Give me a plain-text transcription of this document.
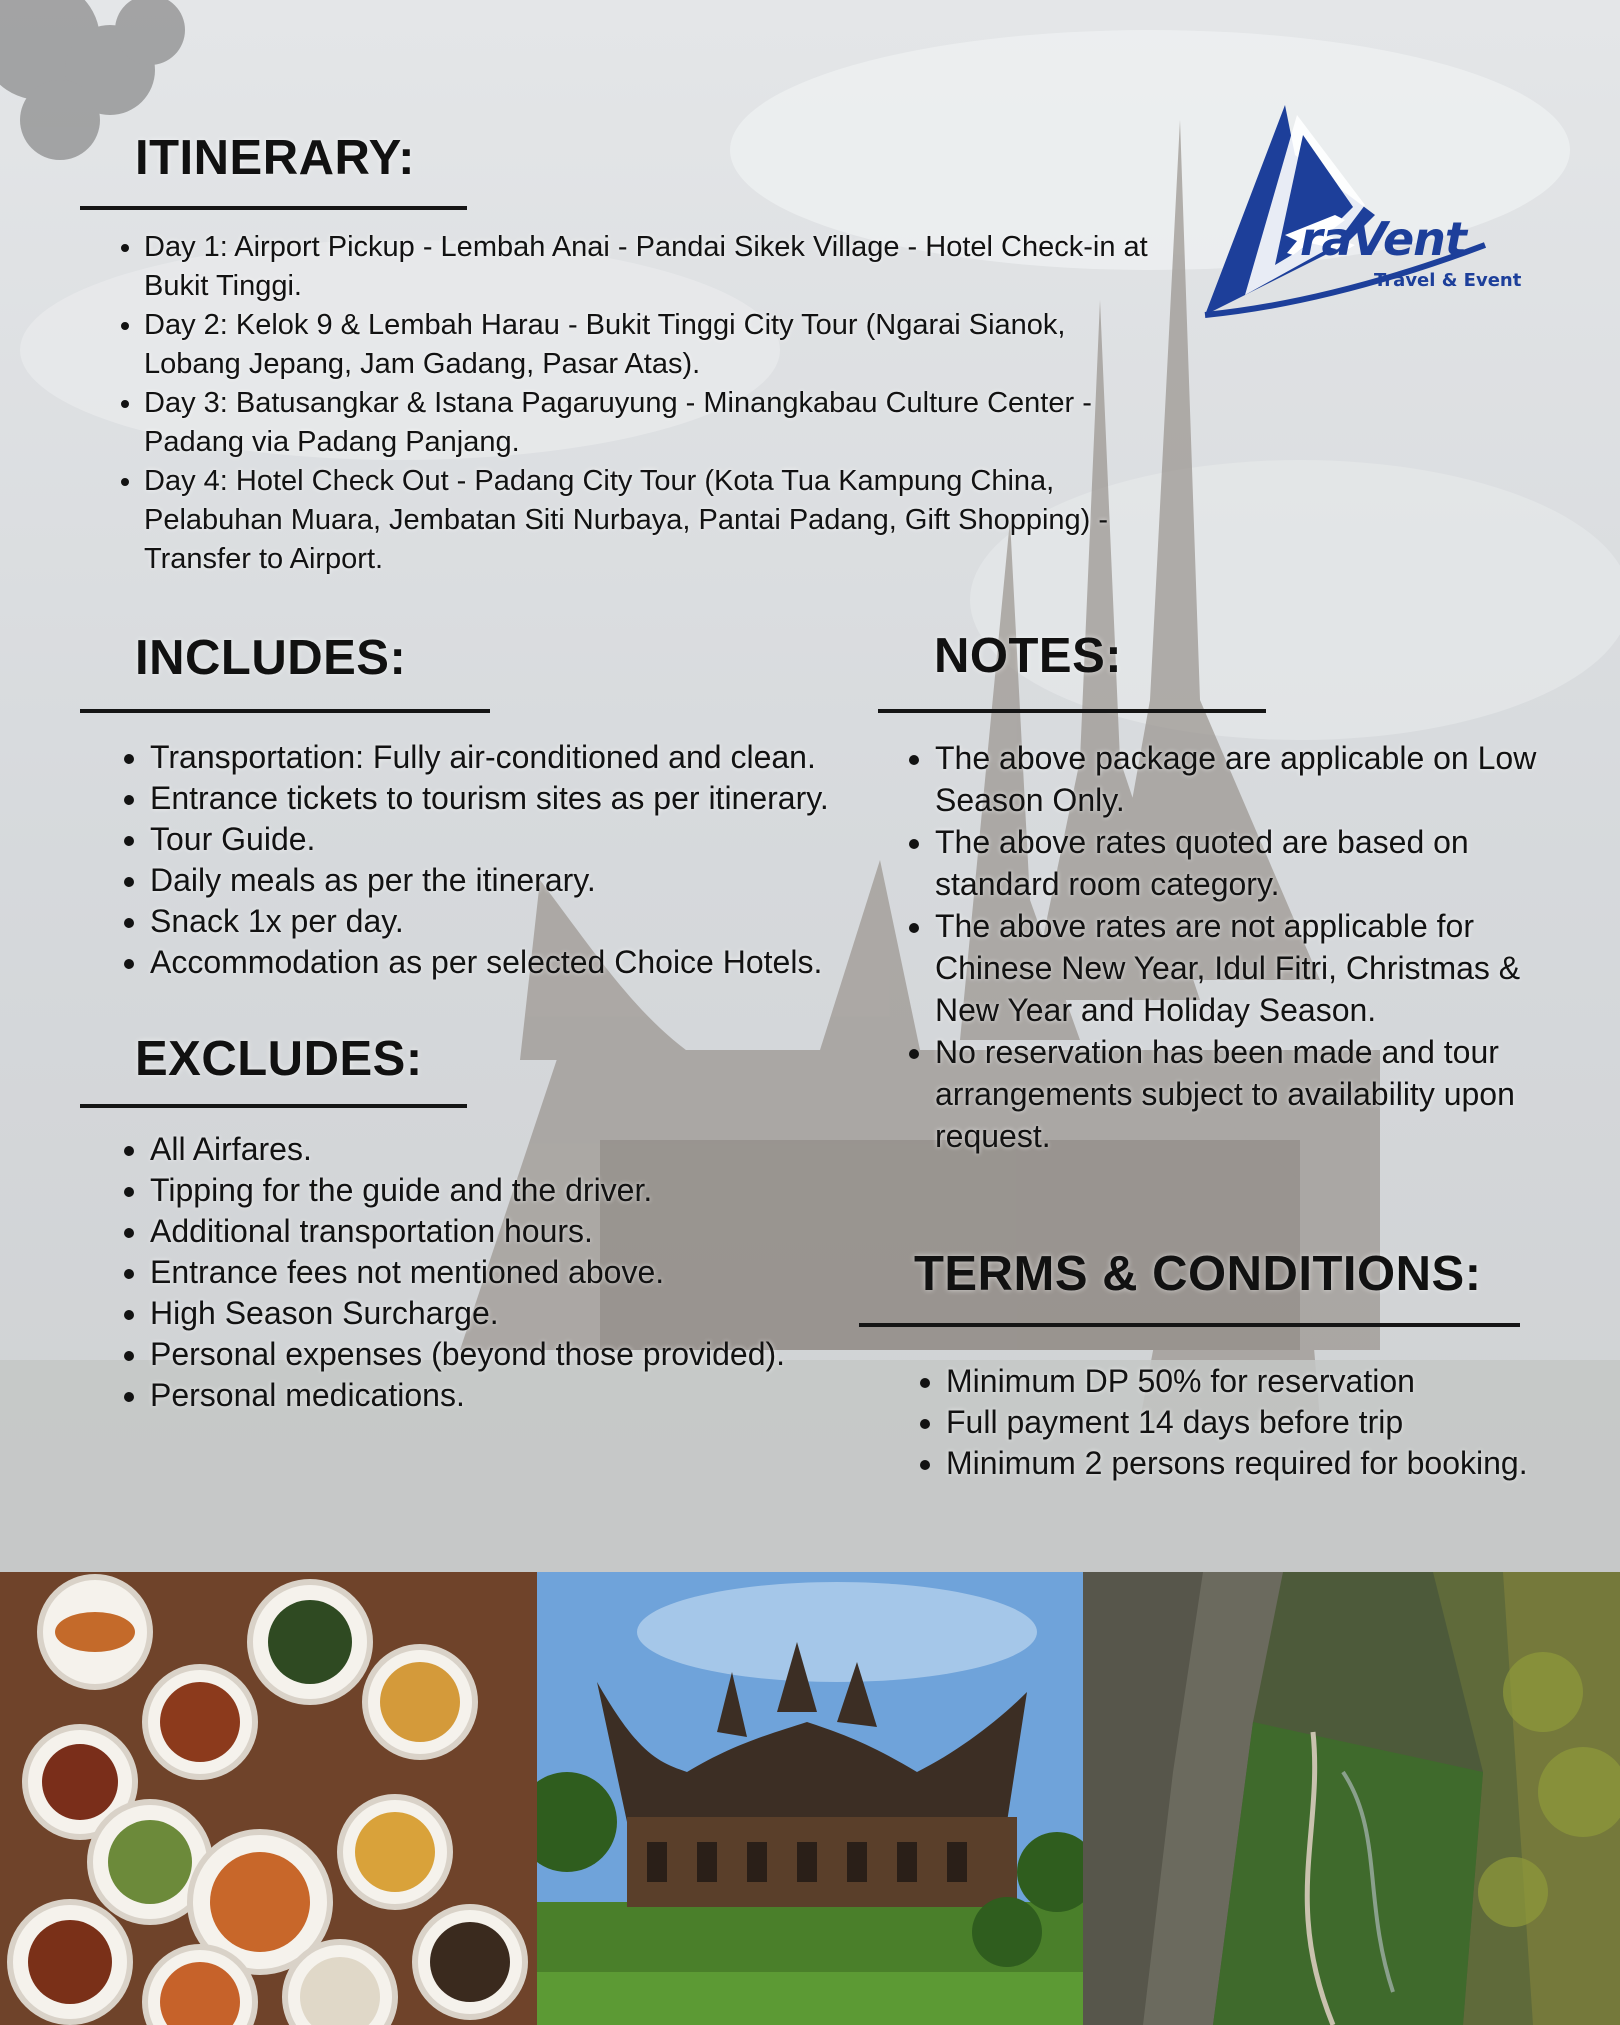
raVent
Travel & Event
ITINERARY:
• Day 1: Airport Pickup - Lembah Anai - Pandai Sikek Village - Hotel Check-in at Bukit Tinggi.
• Day 2: Kelok 9 & Lembah Harau - Bukit Tinggi City Tour (Ngarai Sianok, Lobang Jepang, Jam Gadang, Pasar Atas).
• Day 3: Batusangkar & Istana Pagaruyung - Minangkabau Culture Center - Padang via Padang Panjang.
• Day 4: Hotel Check Out - Padang City Tour (Kota Tua Kampung China, Pelabuhan Muara, Jembatan Siti Nurbaya, Pantai Padang, Gift Shopping) - Transfer to Airport.
INCLUDES:
• Transportation: Fully air-conditioned and clean.
• Entrance tickets to tourism sites as per itinerary.
• Tour Guide.
• Daily meals as per the itinerary.
• Snack 1x per day.
• Accommodation as per selected Choice Hotels.
EXCLUDES:
• All Airfares.
• Tipping for the guide and the driver.
• Additional transportation hours.
• Entrance fees not mentioned above.
• High Season Surcharge.
• Personal expenses (beyond those provided).
• Personal medications.
NOTES:
• The above package are applicable on Low Season Only.
• The above rates quoted are based on standard room category.
• The above rates are not applicable for Chinese New Year, Idul Fitri, Christmas & New Year and Holiday Season.
• No reservation has been made and tour arrangements subject to availability upon request.
TERMS & CONDITIONS:
• Minimum DP 50% for reservation
• Full payment 14 days before trip
• Minimum 2 persons required for booking.
